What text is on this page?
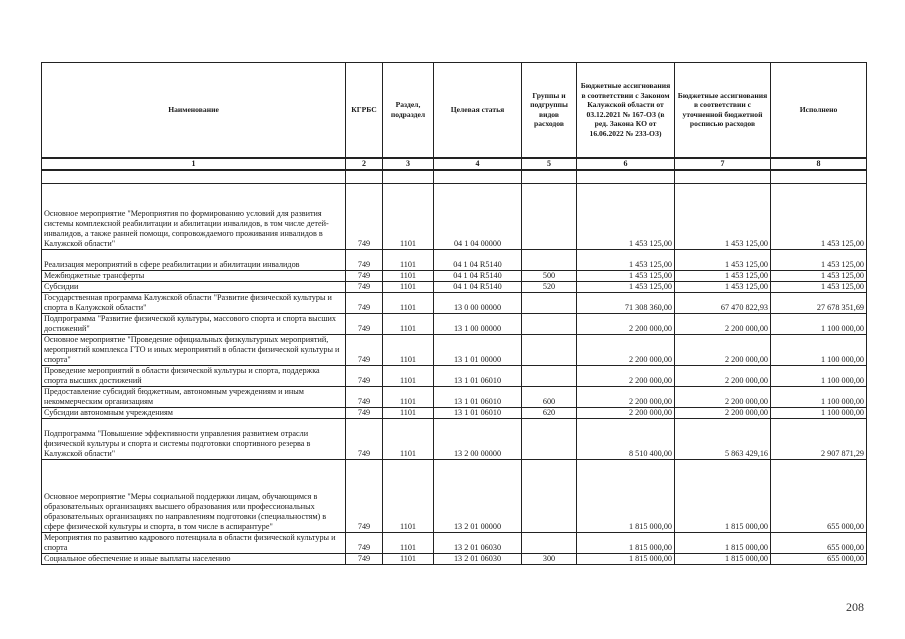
Наименование	КГРБС	Раздел, подраздел	Целевая статья	Группы и подгруппы видов расходов	Бюджетные ассигнования в соответствии с Законом Калужской области от 03.12.2021 № 167-ОЗ (в ред. Закона КО от 16.06.2022 № 233-ОЗ)	Бюджетные ассигнования в соответствии с уточненной бюджетной росписью расходов	Исполнено
1	2	3	4	5	6	7	8

Основное мероприятие "Мероприятия по формированию условий для развития системы комплексной реабилитации и абилитации инвалидов, в том числе детей-инвалидов, а также ранней помощи, сопровождаемого проживания инвалидов в Калужской области"	749	1101	04 1 04 00000		1 453 125,00	1 453 125,00	1 453 125,00
Реализация мероприятий в сфере реабилитации и абилитации инвалидов	749	1101	04 1 04 R5140		1 453 125,00	1 453 125,00	1 453 125,00
Межбюджетные трансферты	749	1101	04 1 04 R5140	500	1 453 125,00	1 453 125,00	1 453 125,00
Субсидии	749	1101	04 1 04 R5140	520	1 453 125,00	1 453 125,00	1 453 125,00
Государственная программа Калужской области "Развитие физической культуры и спорта в Калужской области"	749	1101	13 0 00 00000		71 308 360,00	67 470 822,93	27 678 351,69
Подпрограмма "Развитие физической культуры, массового спорта и спорта высших достижений"	749	1101	13 1 00 00000		2 200 000,00	2 200 000,00	1 100 000,00
Основное мероприятие "Проведение официальных физкультурных мероприятий, мероприятий комплекса ГТО и иных мероприятий в области физической культуры и спорта"	749	1101	13 1 01 00000		2 200 000,00	2 200 000,00	1 100 000,00
Проведение мероприятий в области физической культуры и спорта, поддержка спорта высших достижений	749	1101	13 1 01 06010		2 200 000,00	2 200 000,00	1 100 000,00
Предоставление субсидий бюджетным, автономным учреждениям и иным некоммерческим организациям	749	1101	13 1 01 06010	600	2 200 000,00	2 200 000,00	1 100 000,00
Субсидии автономным учреждениям	749	1101	13 1 01 06010	620	2 200 000,00	2 200 000,00	1 100 000,00
Подпрограмма "Повышение эффективности управления развитием отрасли физической культуры и спорта и системы подготовки спортивного резерва в Калужской области"	749	1101	13 2 00 00000		8 510 400,00	5 863 429,16	2 907 871,29
Основное мероприятие "Меры социальной поддержки лицам, обучающимся в образовательных организациях высшего образования или профессиональных образовательных организациях по направлениям подготовки (специальностям) в сфере физической культуры и спорта, в том числе в аспирантуре"	749	1101	13 2 01 00000		1 815 000,00	1 815 000,00	655 000,00
Мероприятия по развитию кадрового потенциала в области физической культуры и спорта	749	1101	13 2 01 06030		1 815 000,00	1 815 000,00	655 000,00
Социальное обеспечение и иные выплаты населению	749	1101	13 2 01 06030	300	1 815 000,00	1 815 000,00	655 000,00
208
